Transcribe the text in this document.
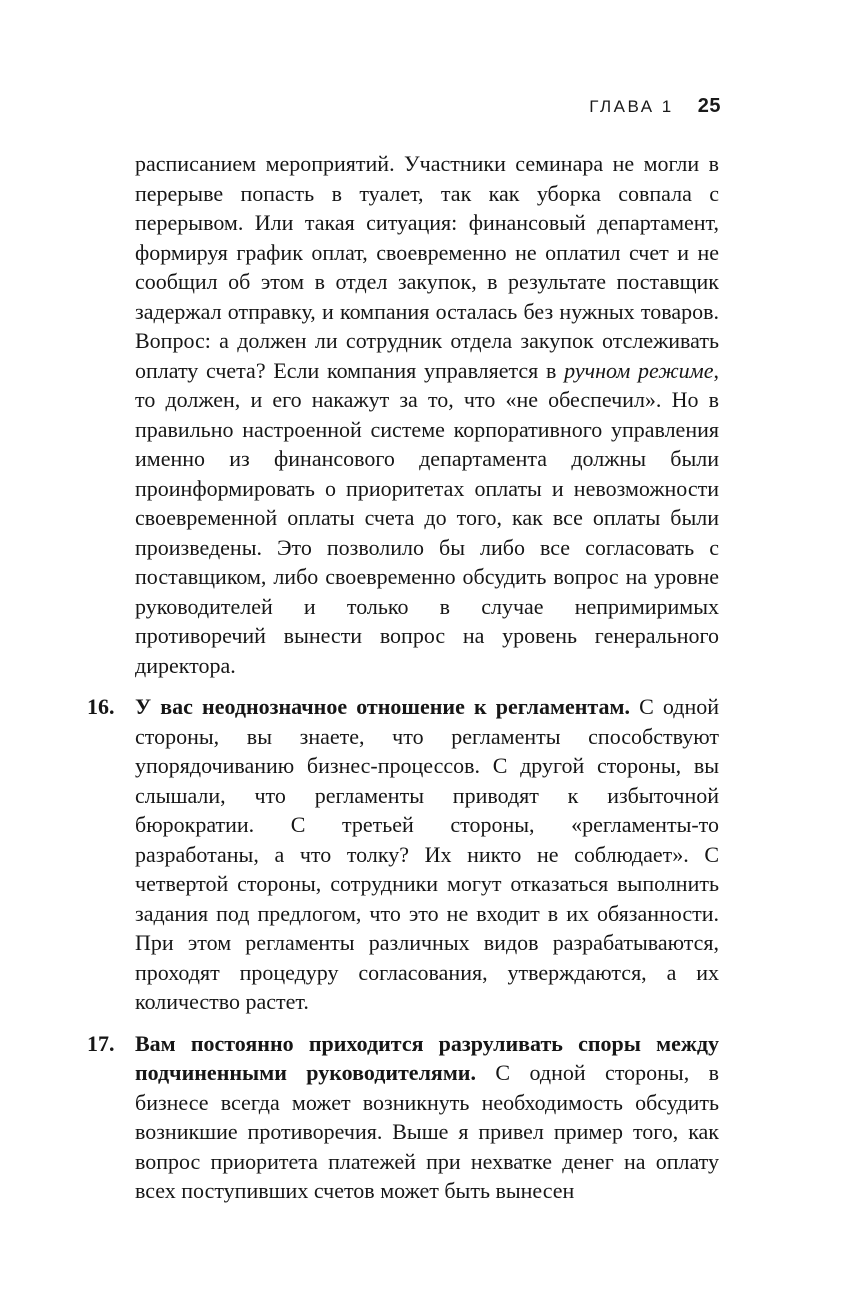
ГЛАВА 1 25

расписанием мероприятий. Участники семинара не могли в перерыве попасть в туалет, так как уборка совпала с перерывом. Или такая ситуация: финансовый департамент, формируя график оплат, своевременно не оплатил счет и не сообщил об этом в отдел закупок, в результате поставщик задержал отправку, и компания осталась без нужных товаров. Вопрос: а должен ли сотрудник отдела закупок отслеживать оплату счета? Если компания управляется в ручном режиме, то должен, и его накажут за то, что «не обеспечил». Но в правильно настроенной системе корпоративного управления именно из финансового департамента должны были проинформировать о приоритетах оплаты и невозможности своевременной оплаты счета до того, как все оплаты были произведены. Это позволило бы либо все согласовать с поставщиком, либо своевременно обсудить вопрос на уровне руководителей и только в случае непримиримых противоречий вынести вопрос на уровень генерального директора.

16. У вас неоднозначное отношение к регламентам. С одной стороны, вы знаете, что регламенты способствуют упорядочиванию бизнес-процессов. С другой стороны, вы слышали, что регламенты приводят к избыточной бюрократии. С третьей стороны, «регламенты-то разработаны, а что толку? Их никто не соблюдает». С четвертой стороны, сотрудники могут отказаться выполнить задания под предлогом, что это не входит в их обязанности. При этом регламенты различных видов разрабатываются, проходят процедуру согласования, утверждаются, а их количество растет.

17. Вам постоянно приходится разруливать споры между подчиненными руководителями. С одной стороны, в бизнесе всегда может возникнуть необходимость обсудить возникшие противоречия. Выше я привел пример того, как вопрос приоритета платежей при нехватке денег на оплату всех поступивших счетов может быть вынесен
